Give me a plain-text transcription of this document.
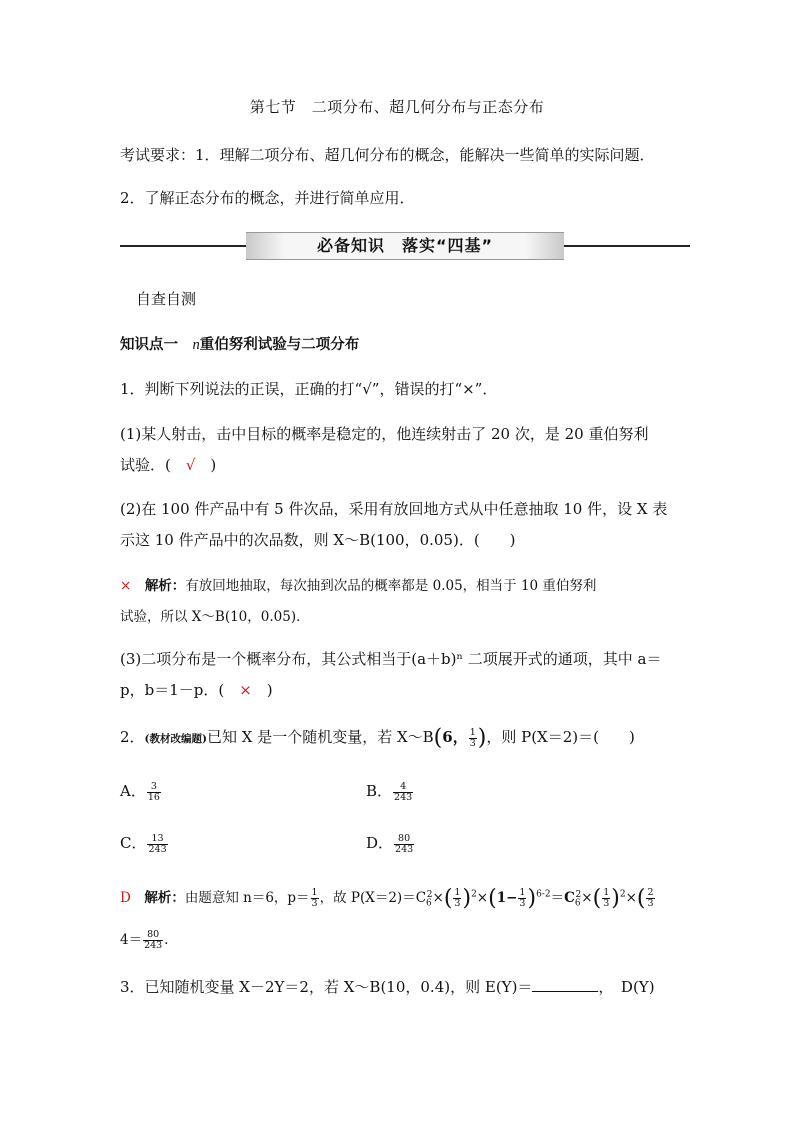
第七节　二项分布、超几何分布与正态分布
考试要求：1．理解二项分布、超几何分布的概念，能解决一些简单的实际问题．
2．了解正态分布的概念，并进行简单应用．
必备知识　落实“四基”
自查自测
知识点一　n重伯努利试验与二项分布
1．判断下列说法的正误，正确的打“√”，错误的打“×”．
(1)某人射击，击中目标的概率是稳定的，他连续射击了 20 次，是 20 重伯努利
试验．(　√　)
(2)在 100 件产品中有 5 件次品，采用有放回地方式从中任意抽取 10 件，设 X 表
示这 10 件产品中的次品数，则 X～B(100，0.05)．(　　)
×　 解析：有放回地抽取，每次抽到次品的概率都是 0.05，相当于 10 重伯努利
试验，所以 X～B(10，0.05)．
(3)二项分布是一个概率分布，其公式相当于(a＋b)ⁿ 二项展开式的通项，其中 a＝
p，b＝1－p．(　×　)
2．(教材改编题)已知 X 是一个随机变量，若 X～B(6， $\frac{1}{3}$ )，则 P(X＝2)＝(　　)
A． $\frac{3}{16}$	B． $\frac{4}{243}$
C． $\frac{13}{243}$	D． $\frac{80}{243}$
D　 解析：由题意知 n＝6，$p= \frac{1}{3}$ ，故 $P(X=2)=C_6^2\times( \frac{1}{3} )^2\times(1- \frac{1}{3} )^{6-2}=C_6^2\times( \frac{1}{3} )^2\times( \frac{2}{3}$
$4= \frac{80}{243}$ ．
3．已知随机变量 X－2Y＝2，若 X～B(10，0.4)，则 E(Y)＝	，　D(Y)
